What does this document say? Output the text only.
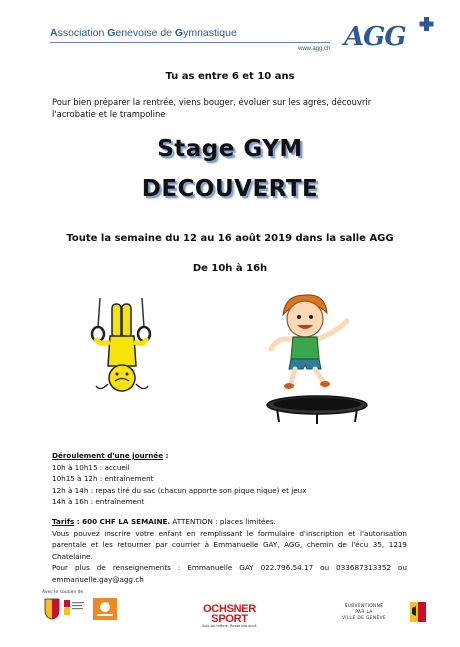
Association Genevoise de Gymnastique
www.agg.ch AGG
Tu as entre 6 et 10 ans
Pour bien préparer la rentrée, viens bouger, évoluer sur les agrès, découvrir l'acrobatie et le trampoline
Stage GYM
DECOUVERTE
Toute la semaine du 12 au 16 août 2019 dans la salle AGG
De 10h à 16h
Déroulement d'une journée :
10h à 10h15 : accueil
10h15 à 12h : entraînement
12h à 14h : repas tiré du sac (chacun apporte son pique nique) et jeux
14h à 16h : entraînement
Tarifs : 600 CHF LA SEMAINE. ATTENTION : places limitées.
Vous pouvez inscrire votre enfant en remplissant le formulaire d'inscription et l'autorisation parentale et les retourner par courrier à Emmanuelle GAY, AGG, chemin de l'écu 35, 1219 Chatelaine.
Pour plus de renseignements : Emmanuelle GAY 022.796.54.17 ou 033687313352 ou emmanuelle.gay@agg.ch
Avec le soutien de
OCHSNER
SPORT
Sois toi-même. Reste bio-actif.
SUBVENTIONNÉ
PAR LA
VILLE DE GENÈVE
